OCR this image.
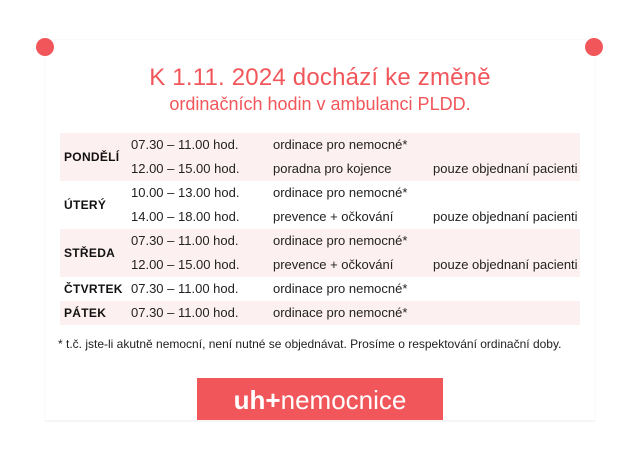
K 1.11. 2024 dochází ke změně
ordinačních hodin v ambulanci PLDD.
PONDĚLÍ
07.30 – 11.00 hod.	ordinace pro nemocné*
12.00 – 15.00 hod.	poradna pro kojence	pouze objednaní pacienti
ÚTERÝ
10.00 – 13.00 hod.	ordinace pro nemocné*
14.00 – 18.00 hod.	prevence + očkování	pouze objednaní pacienti
STŘEDA
07.30 – 11.00 hod.	ordinace pro nemocné*
12.00 – 15.00 hod.	prevence + očkování	pouze objednaní pacienti
ČTVRTEK 07.30 – 11.00 hod.	ordinace pro nemocné*
PÁTEK 07.30 – 11.00 hod.	ordinace pro nemocné*
* t.č. jste-li akutně nemocní, není nutné se objednávat. Prosíme o respektování ordinační doby.
uh+nemocnice
